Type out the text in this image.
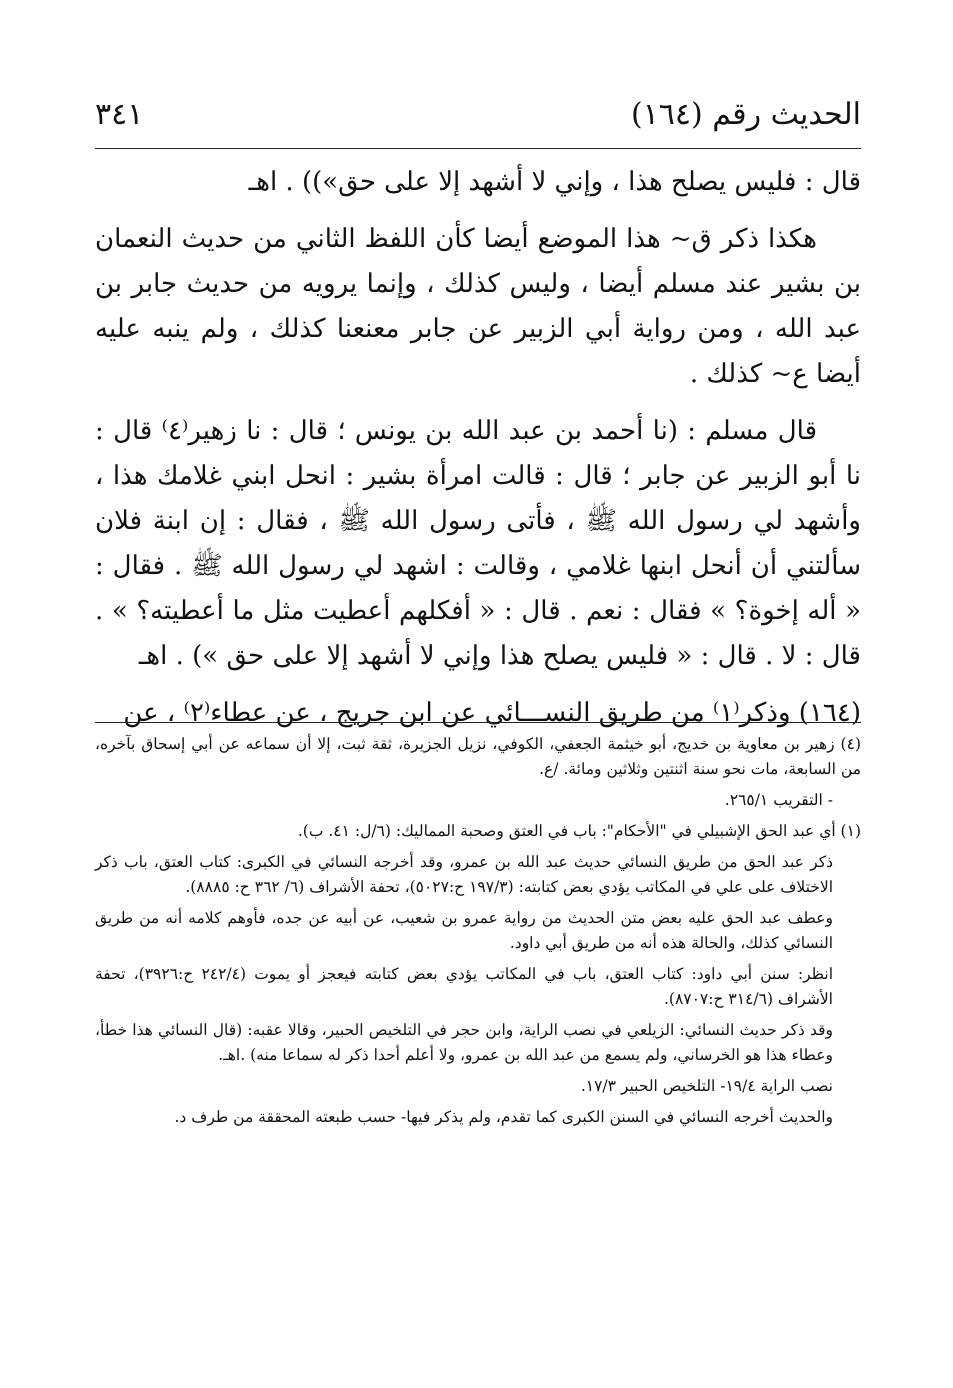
الحديث رقم (١٦٤)
٣٤١

قال : فليس يصلح هذا ، وإني لا أشهد إلا على حق»)) . اهـ

هكذا ذكر ق~ هذا الموضع أيضا كأن اللفظ الثاني من حديث النعمان بن بشير عند مسلم أيضا ، وليس كذلك ، وإنما يرويه من حديث جابر بن عبد الله ، ومن رواية أبي الزبير عن جابر معنعنا كذلك ، ولم ينبه عليه أيضا ع~ كذلك .

قال مسلم : (نا أحمد بن عبد الله بن يونس ؛ قال : نا زهير⁽٤⁾ قال : نا أبو الزبير عن جابر ؛ قال : قالت امرأة بشير : انحل ابني غلامك هذا ، وأشهد لي رسول الله ﷺ ، فأتى رسول الله ﷺ ، فقال : إن ابنة فلان سألتني أن أنحل ابنها غلامي ، وقالت : اشهد لي رسول الله ﷺ . فقال : « أله إخوة؟ » فقال : نعم . قال : « أفكلهم أعطيت مثل ما أعطيته؟ » . قال : لا . قال : « فليس يصلح هذا وإني لا أشهد إلا على حق ») . اهـ

(١٦٤) وذكر⁽١⁾ من طريق النســـائي عن ابن جريج ، عن عطاء⁽٢⁾ ، عن

(٤) زهير بن معاوية بن خديج، أبو خيثمة الجعفي، الكوفي، نزيل الجزيرة، ثقة ثبت، إلا أن سماعه عن أبي إسحاق بآخره، من السابعة، مات نحو سنة اثنتين وثلاثين ومائة. /ع.

- التقريب ٢٦٥/١.

(١) أي عبد الحق الإشبيلي في "الأحكام": باب في العتق وصحبة المماليك: (٦/ل: ٤١. ب).

ذكر عبد الحق من طريق النسائي حديث عبد الله بن عمرو، وقد أخرجه النسائي في الكبرى: كتاب العتق، باب ذكر الاختلاف على علي في المكاتب يؤدي بعض كتابته: (١٩٧/٣ ح:٥٠٢٧)، تحفة الأشراف (٦/ ٣٦٢ ح: ٨٨٨٥).

وعطف عبد الحق عليه بعض متن الحديث من رواية عمرو بن شعيب، عن أبيه عن جده، فأوهم كلامه أنه من طريق النسائي كذلك، والحالة هذه أنه من طريق أبي داود.

انظر: سنن أبي داود: كتاب العتق، باب في المكاتب يؤدي بعض كتابته فيعجز أو يموت (٢٤٢/٤ ح:٣٩٢٦)، تحفة الأشراف (٣١٤/٦ ح:٨٧٠٧).

وقد ذكر حديث النسائي: الزيلعي في نصب الراية، وابن حجر في التلخيص الحبير، وقالا عقبه: (قال النسائي هذا خطأ، وعطاء هذا هو الخرساني، ولم يسمع من عبد الله بن عمرو، ولا أعلم أحدا ذكر له سماعا منه) .اهـ.

نصب الراية ١٩/٤- التلخيص الحبير ١٧/٣.

والحديث أخرجه النسائي في السنن الكبرى كما تقدم، ولم يذكر فيها- حسب طبعته المحققة من طرف د.
